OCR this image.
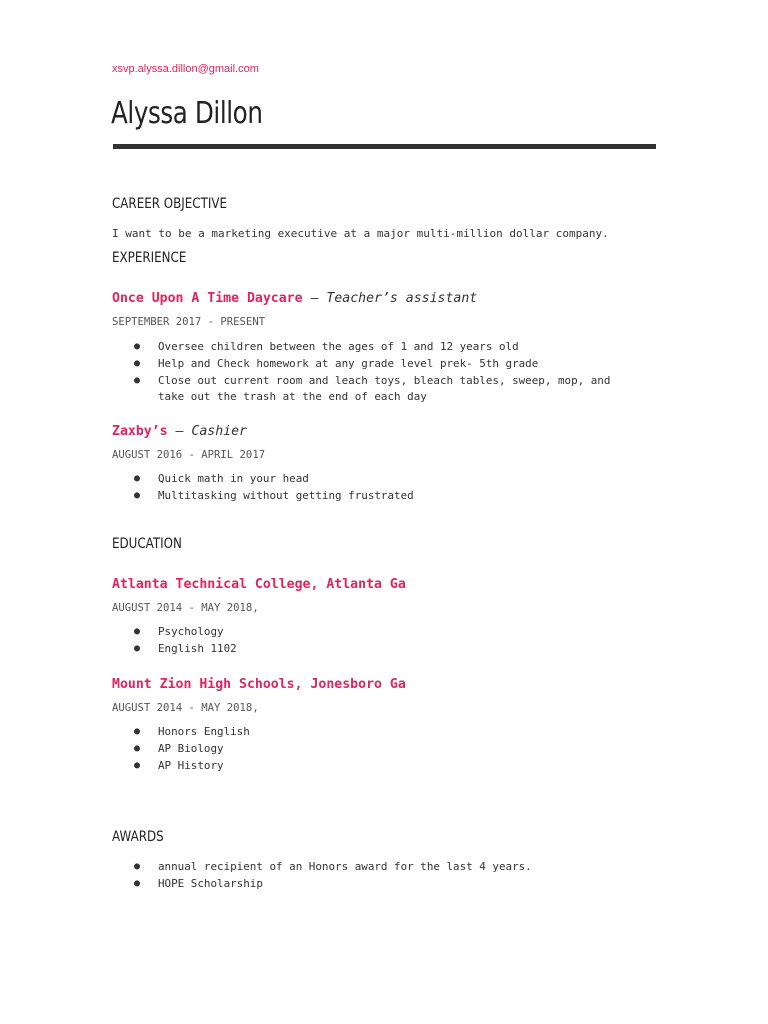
xsvp.alyssa.dillon@gmail.com
Alyssa Dillon
CAREER OBJECTIVE
I want to be a marketing executive at a major multi-million dollar company.
EXPERIENCE
Once Upon A Time Daycare — Teacher’s assistant
SEPTEMBER 2017 - PRESENT
● Oversee children between the ages of 1 and 12 years old
● Help and Check homework at any grade level prek- 5th grade
● Close out current room and leach toys, bleach tables, sweep, mop, and
take out the trash at the end of each day
Zaxby’s — Cashier
AUGUST 2016 - APRIL 2017
● Quick math in your head
● Multitasking without getting frustrated
EDUCATION
Atlanta Technical College, Atlanta Ga
AUGUST 2014 - MAY 2018,
● Psychology
● English 1102
Mount Zion High Schools, Jonesboro Ga
AUGUST 2014 - MAY 2018,
● Honors English
● AP Biology
● AP History
AWARDS
● annual recipient of an Honors award for the last 4 years.
● HOPE Scholarship
